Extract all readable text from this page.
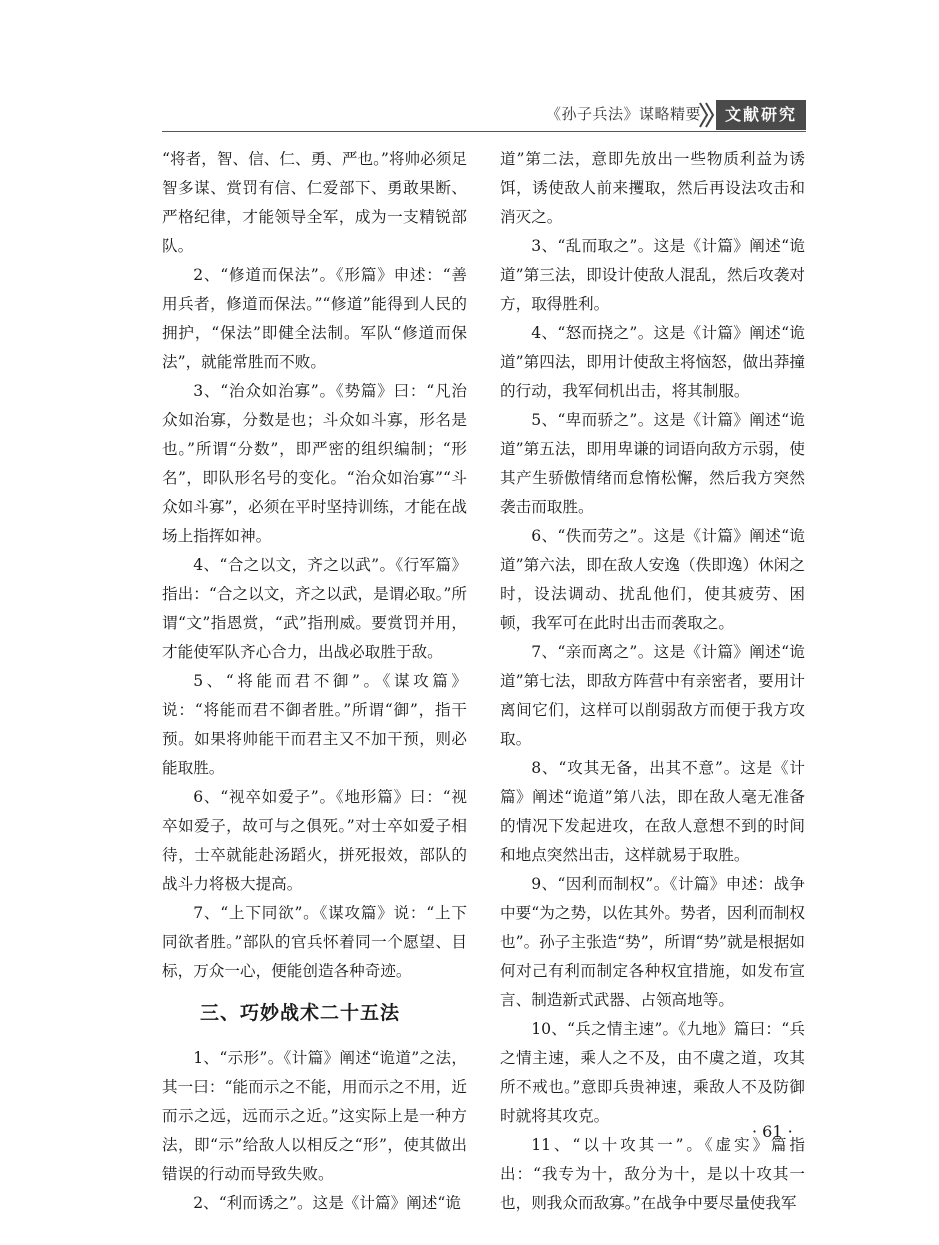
《孙子兵法》谋略精要	文献研究

“将者，智、信、仁、勇、严也。”将帅必须足智多谋、赏罚有信、仁爱部下、勇敢果断、严格纪律，才能领导全军，成为一支精锐部队。

2、“修道而保法”。《形篇》申述：“善用兵者，修道而保法。”“修道”能得到人民的拥护，“保法”即健全法制。军队“修道而保法”，就能常胜而不败。

3、“治众如治寡”。《势篇》曰：“凡治众如治寡，分数是也；斗众如斗寡，形名是也。”所谓“分数”，即严密的组织编制；“形名”，即队形名号的变化。“治众如治寡”“斗众如斗寡”，必须在平时坚持训练，才能在战场上指挥如神。

4、“合之以文，齐之以武”。《行军篇》指出：“合之以文，齐之以武，是谓必取。”所谓“文”指恩赏，“武”指刑威。要赏罚并用，才能使军队齐心合力，出战必取胜于敌。

5、“将能而君不御”。《谋攻篇》说：“将能而君不御者胜。”所谓“御”，指干预。如果将帅能干而君主又不加干预，则必能取胜。

6、“视卒如爱子”。《地形篇》曰：“视卒如爱子，故可与之俱死。”对士卒如爱子相待，士卒就能赴汤蹈火，拼死报效，部队的战斗力将极大提高。

7、“上下同欲”。《谋攻篇》说：“上下同欲者胜。”部队的官兵怀着同一个愿望、目标，万众一心，便能创造各种奇迹。

三、巧妙战术二十五法

1、“示形”。《计篇》阐述“诡道”之法，其一曰：“能而示之不能，用而示之不用，近而示之远，远而示之近。”这实际上是一种方法，即“示”给敌人以相反之“形”，使其做出错误的行动而导致失败。

2、“利而诱之”。这是《计篇》阐述“诡

道”第二法，意即先放出一些物质利益为诱饵，诱使敌人前来攫取，然后再设法攻击和消灭之。

3、“乱而取之”。这是《计篇》阐述“诡道”第三法，即设计使敌人混乱，然后攻袭对方，取得胜利。

4、“怒而挠之”。这是《计篇》阐述“诡道”第四法，即用计使敌主将恼怒，做出莽撞的行动，我军伺机出击，将其制服。

5、“卑而骄之”。这是《计篇》阐述“诡道”第五法，即用卑谦的词语向敌方示弱，使其产生骄傲情绪而怠惰松懈，然后我方突然袭击而取胜。

6、“佚而劳之”。这是《计篇》阐述“诡道”第六法，即在敌人安逸（佚即逸）休闲之时，设法调动、扰乱他们，使其疲劳、困顿，我军可在此时出击而袭取之。

7、“亲而离之”。这是《计篇》阐述“诡道”第七法，即敌方阵营中有亲密者，要用计离间它们，这样可以削弱敌方而便于我方攻取。

8、“攻其无备，出其不意”。这是《计篇》阐述“诡道”第八法，即在敌人毫无准备的情况下发起进攻，在敌人意想不到的时间和地点突然出击，这样就易于取胜。

9、“因利而制权”。《计篇》申述：战争中要“为之势，以佐其外。势者，因利而制权也”。孙子主张造“势”，所谓“势”就是根据如何对己有利而制定各种权宜措施，如发布宣言、制造新式武器、占领高地等。

10、“兵之情主速”。《九地》篇曰：“兵之情主速，乘人之不及，由不虞之道，攻其所不戒也。”意即兵贵神速，乘敌人不及防御时就将其攻克。

11、“以十攻其一”。《虚实》篇指出：“我专为十，敌分为十，是以十攻其一也，则我众而敌寡。”在战争中要尽量使我军

· 61 ·
